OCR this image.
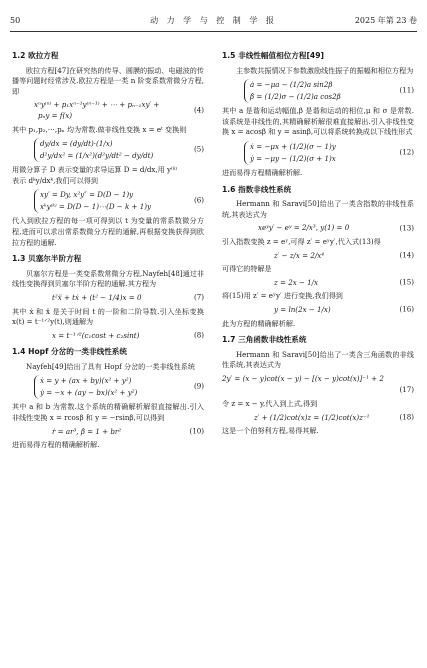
50	动 力 学 与 控 制 学 报	2025 年第 23 卷
1.2 欧拉方程

欧拉方程[47]在研究热的传导、圆膜的振动、电磁波的传播等问题时经常涉及.欧拉方程是一类 n 阶变系数常微分方程,即

xⁿy⁽ⁿ⁾ + p₁xⁿ⁻¹y⁽ⁿ⁻¹⁾ + ⋯ + pₙ₋₁xy′ +
pₙy = f(x)
(4)

其中 p₁,p₂,⋯,pₙ 均为常数.做非线性变换 x = eᵗ 变换则

dy/dx = (dy/dt)·(1/x)
d²y/dx² = (1/x²)(d²y/dt² − dy/dt)
(5)

用微分算子 D 表示变量的求导运算 D = d/dx,用 y⁽ᵏ⁾

表示 dᵏy/dxᵏ,我们可以得到

xy′ = Dy, x²y″ = D(D − 1)y
xᵏy⁽ᵏ⁾ = D(D − 1)⋯(D − k + 1)y
(6)

代入到欧拉方程的每一项可得到以 t 为变量的常系数微分方程,进而可以求出常系数微分方程的通解,再根据变换获得到欧拉方程的通解.

1.3 贝塞尔半阶方程

贝塞尔方程是一类变系数常微分方程,Nayfeh[48]通过非线性变换得到贝塞尔半阶方程的通解.其方程为

t²ẍ + tẋ + (t² − 1/4)x = 0	(7)

其中 ẋ 和 ẍ 是关于时间 t 的一阶和二阶导数.引入坐标变换 x(t) = t⁻¹ᐟ²y(t),则通解为

x = t⁻¹ᐟ²(c₁cost + c₂sint)	(8)
1.4 Hopf 分岔的一类非线性系统

Nayfeh[49]给出了具有 Hopf 分岔的一类非线性系统

ẋ = y + (ax + by)(x² + y²)
ẏ = −x + (ay − bx)(x² + y²)
(9)

其中 a 和 b 为常数.这个系统的精确解析解很直接解出.引入非线性变换 x = rcosβ 和 y = −rsinβ,可以得到

ṙ = ar³, β̇ = 1 + br²	(10)

进而易得方程的精确解析解.

1.5 非线性幅值相位方程[49]

主参数共振情况下参数激励线性振子的振幅和相位方程为

ȧ = −μa − (1/2)a sin2β
β̇ = (1/2)σ − (1/2)a cos2β
(11)

其中 a 是谐和运动幅值,β 是谐和运动的相位,μ 和 σ 是常数.该系统是非线性的,其精确解析解很难直接解出.引入非线性变换 x = acosβ 和 y = asinβ,可以将系统转换成以下线性形式

ẋ = −μx + (1/2)(σ − 1)y
ẏ = −μy − (1/2)(σ + 1)x
(12)

进而易得方程精确解析解.

1.6 指数非线性系统

Hermann 和 Saravi[50]给出了一类含指数的非线性系统,其表达式为

xeʸy′ − eʸ = 2/x³, y(1) = 0	(13)

引入指数变换 z = eʸ,可得 z′ = eʸy′,代入式(13)得

z′ − z/x = 2/x⁴	(14)

可得它的特解是

z = 2x − 1/x	(15)

将(15)用 z′ = eʸy′ 进行变换,我们得到

y = ln(2x − 1/x)	(16)

此为方程的精确解析解.

1.7 三角函数非线性系统

Hermann 和 Saravi[50]给出了一类含三角函数的非线性系统,其表达式为

2y′ = (x − y)cot(x − y) − [(x − y)cot(x)]⁻¹ + 2
(17)

令 z = x − y,代入到上式,得到

z′ + (1/2)cot(x)z = (1/2)cot(x)z⁻¹	(18)

这是一个伯努利方程,易得其解.
